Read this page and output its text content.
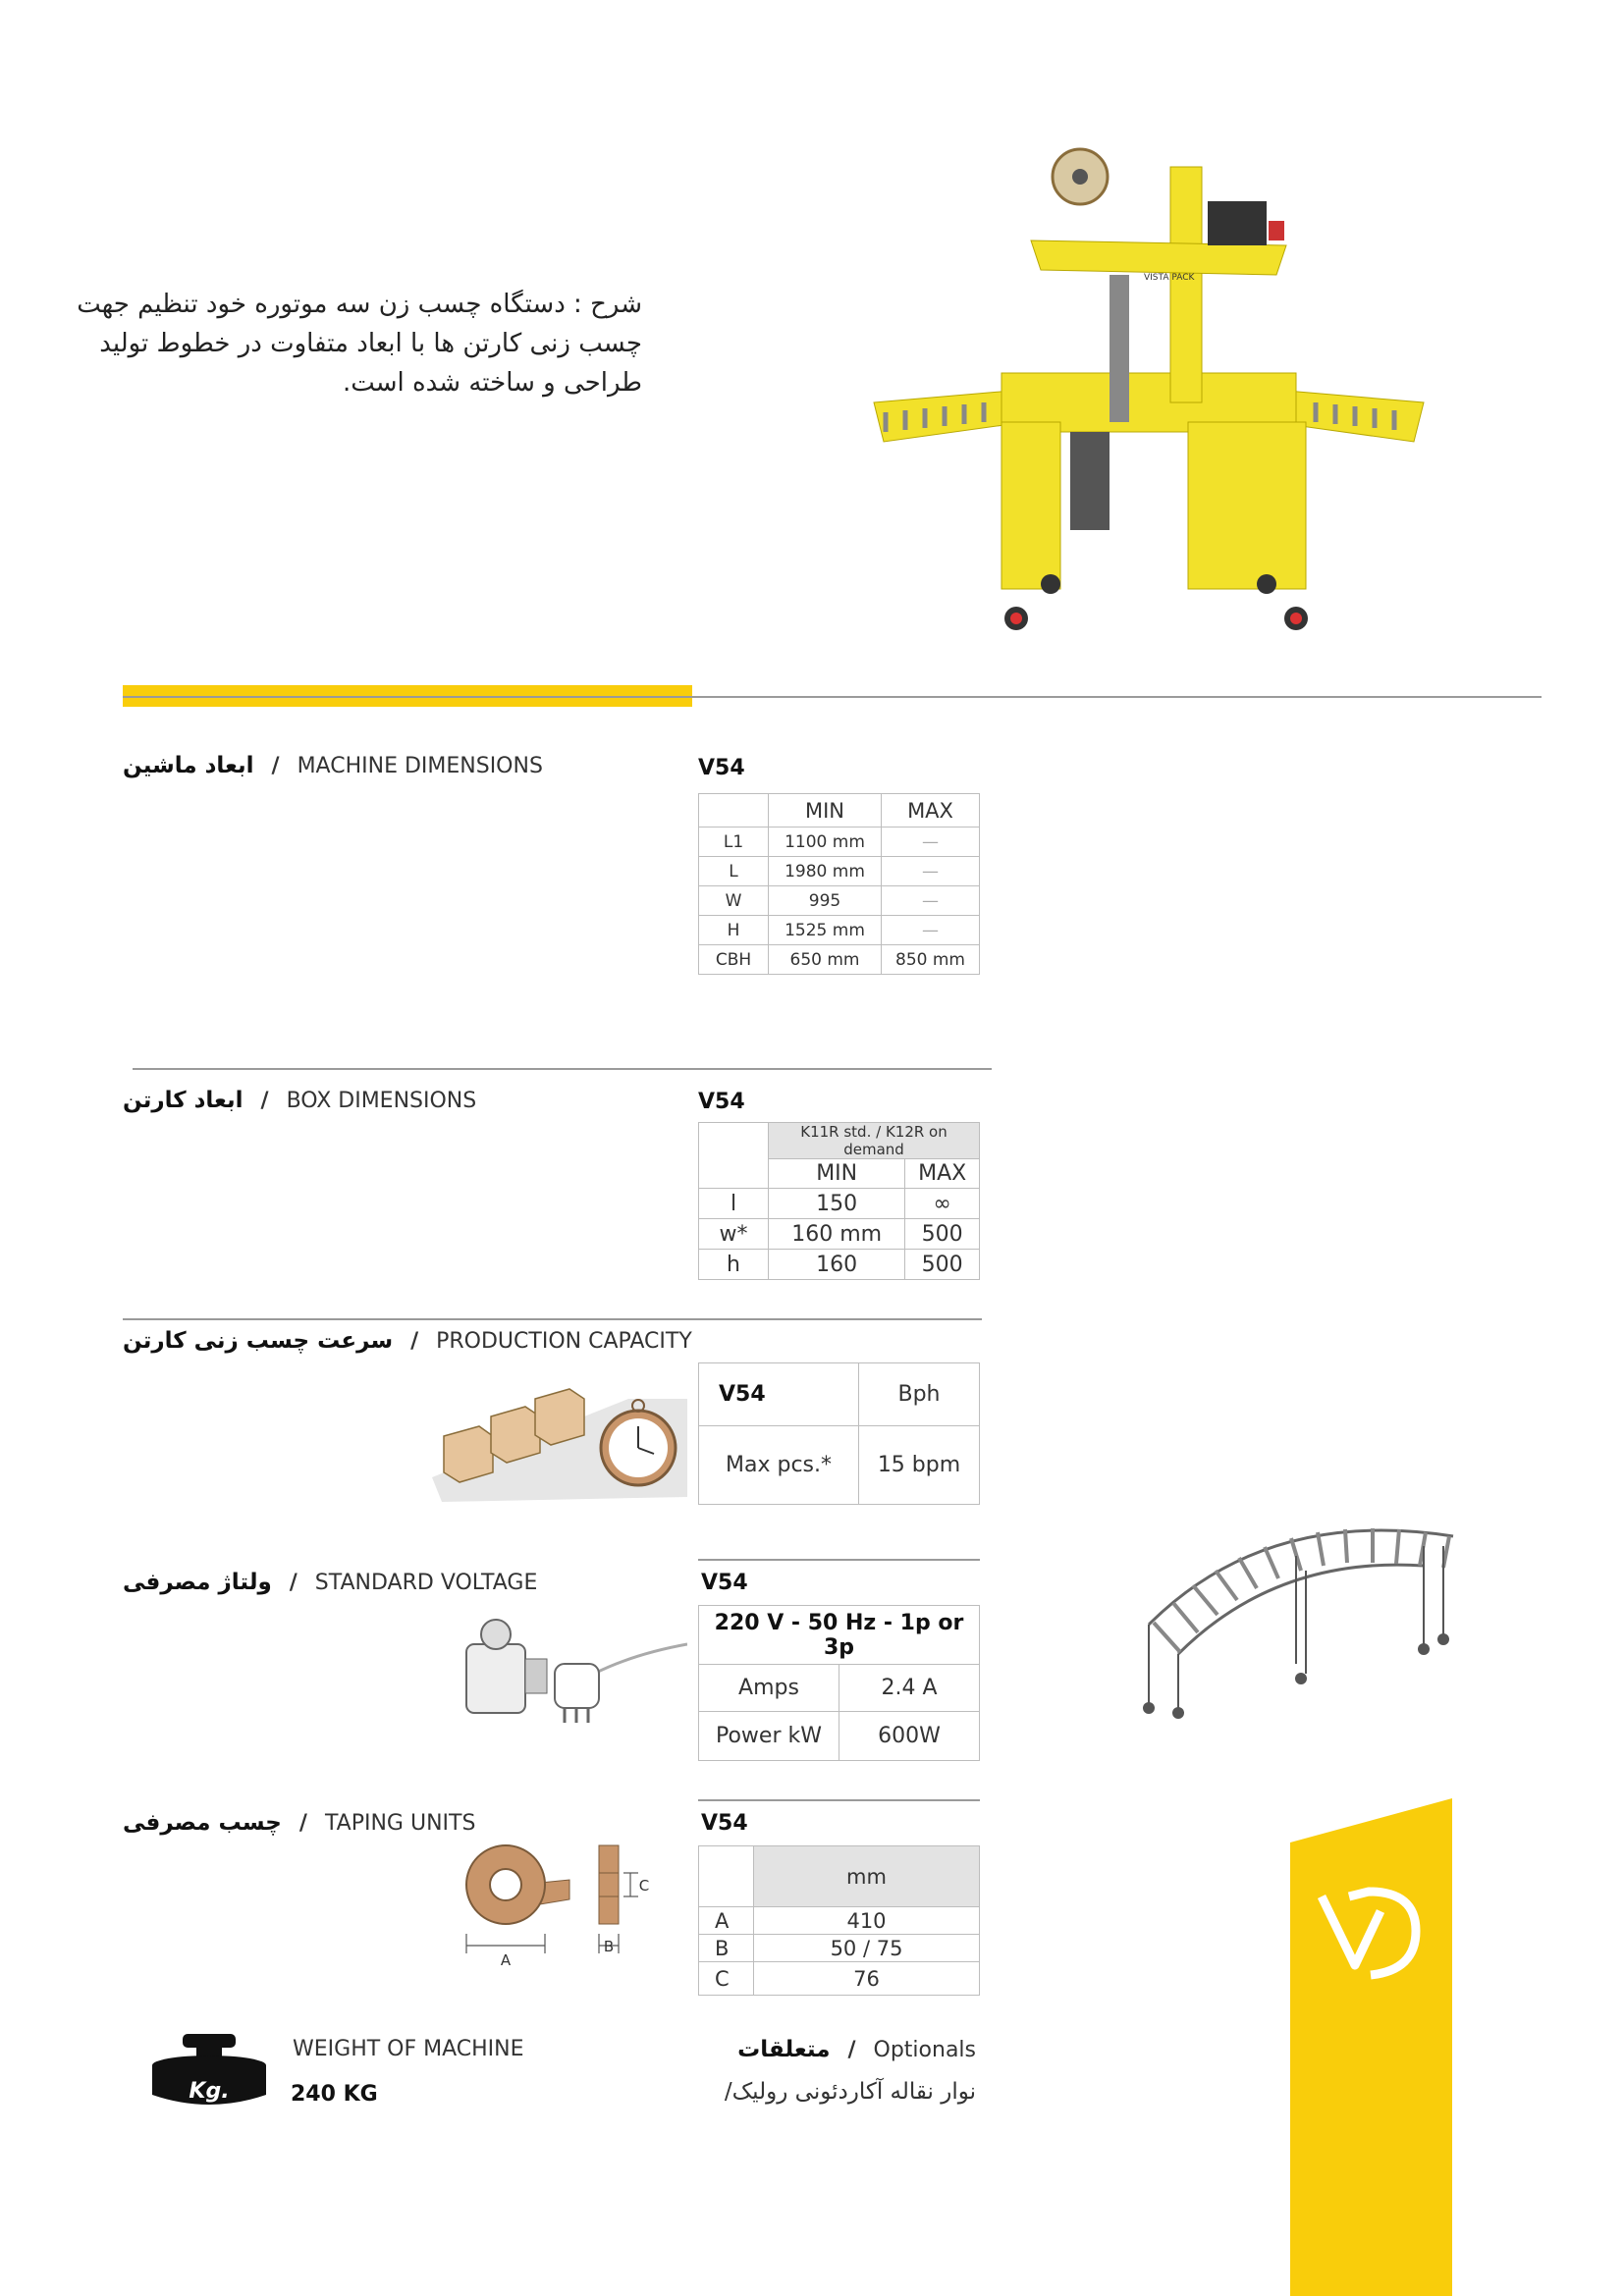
شرح : دستگاه چسب زن سه موتوره خود تنظیم جهت چسب زنی کارتن ها با ابعاد متفاوت در خطوط تولید طراحی و ساخته شده است.
VISTA PACK
ابعاد ماشین / MACHINE DIMENSIONS	V54
	MIN	MAX
L1	1100 mm	—
L	1980 mm	—
W	995	—
H	1525 mm	—
CBH	650 mm	850 mm
ابعاد کارتن / BOX DIMENSIONS	V54
	K11R std. / K12R on demand	
	MIN	MAX
l	150	∞
w*	160 mm	500
h	160	500
سرعت چسب زنی کارتن / PRODUCTION CAPACITY
V54	Bph
Max pcs.*	15 bpm
ولتاژ مصرفی / STANDARD VOLTAGE	V54
220 V - 50 Hz - 1p or 3p	
Amps	2.4 A
Power kW	600W
چسب مصرفی / TAPING UNITS
A
B
C
V54
	mm
A	410
B	50 / 75
C	76
Kg.
WEIGHT OF MACHINE
240 KG
متعلقات / Optionals
نوار نقاله آکاردئونی رولیک/
